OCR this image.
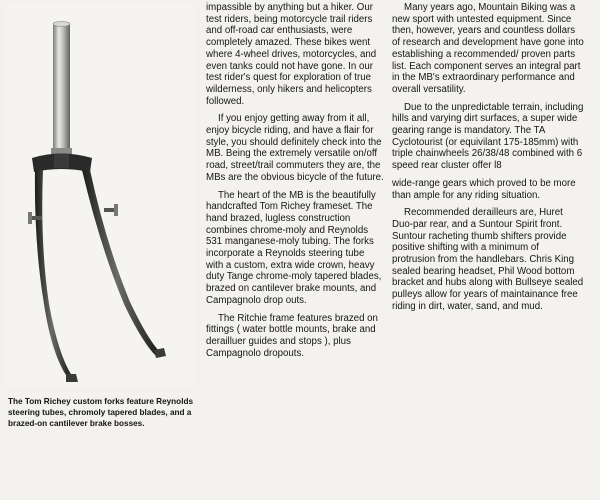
The Tom Richey custom forks feature Reynolds steering tubes, chromoly tapered blades, and a brazed-on cantilever brake bosses.

impassible by anything but a hiker. Our test riders, being motorcycle trail riders and off-road car enthusiasts, were completely amazed. These bikes went where 4-wheel drives, motorcycles, and even tanks could not have gone. In our test rider's quest for exploration of true wilderness, only hikers and helicopters followed.

If you enjoy getting away from it all, enjoy bicycle riding, and have a flair for style, you should definitely check into the MB. Being the extremely versatile on/off road, street/trail commuters they are, the MBs are the obvious bicycle of the future.

The heart of the MB is the beautifully handcrafted Tom Richey frameset. The hand brazed, lugless construction combines chrome-moly and Reynolds 531 manganese-moly tubing. The forks incorporate a Reynolds steering tube with a custom, extra wide crown, heavy duty Tange chrome-moly tapered blades, brazed on cantilever brake mounts, and Campagnolo drop outs.

The Ritchie frame features brazed on fittings ( water bottle mounts, brake and derailluer guides and stops ), plus Campagnolo dropouts.

Many years ago, Mountain Biking was a new sport with untested equipment. Since then, however, years and countless dollars of research and development have gone into establishing a recommended/ proven parts list. Each component serves an integral part in the MB's extraordinary performance and overall versatility.

Due to the unpredictable terrain, including hills and varying dirt surfaces, a super wide gearing range is mandatory. The TA Cyclotourist (or equivilant 175-185mm) with triple chainwheels 26/38/48 combined with 6 speed rear cluster offer l8

wide-range gears which proved to be more than ample for any riding situation.

Recommended derailleurs are, Huret Duo-par rear, and a Suntour Spirit front. Suntour racheting thumb shifters provide positive shifting with a minimum of protrusion from the handlebars. Chris King sealed bearing headset, Phil Wood bottom bracket and hubs along with Bullseye sealed pulleys allow for years of maintainance free riding in dirt, water, sand, and mud.
